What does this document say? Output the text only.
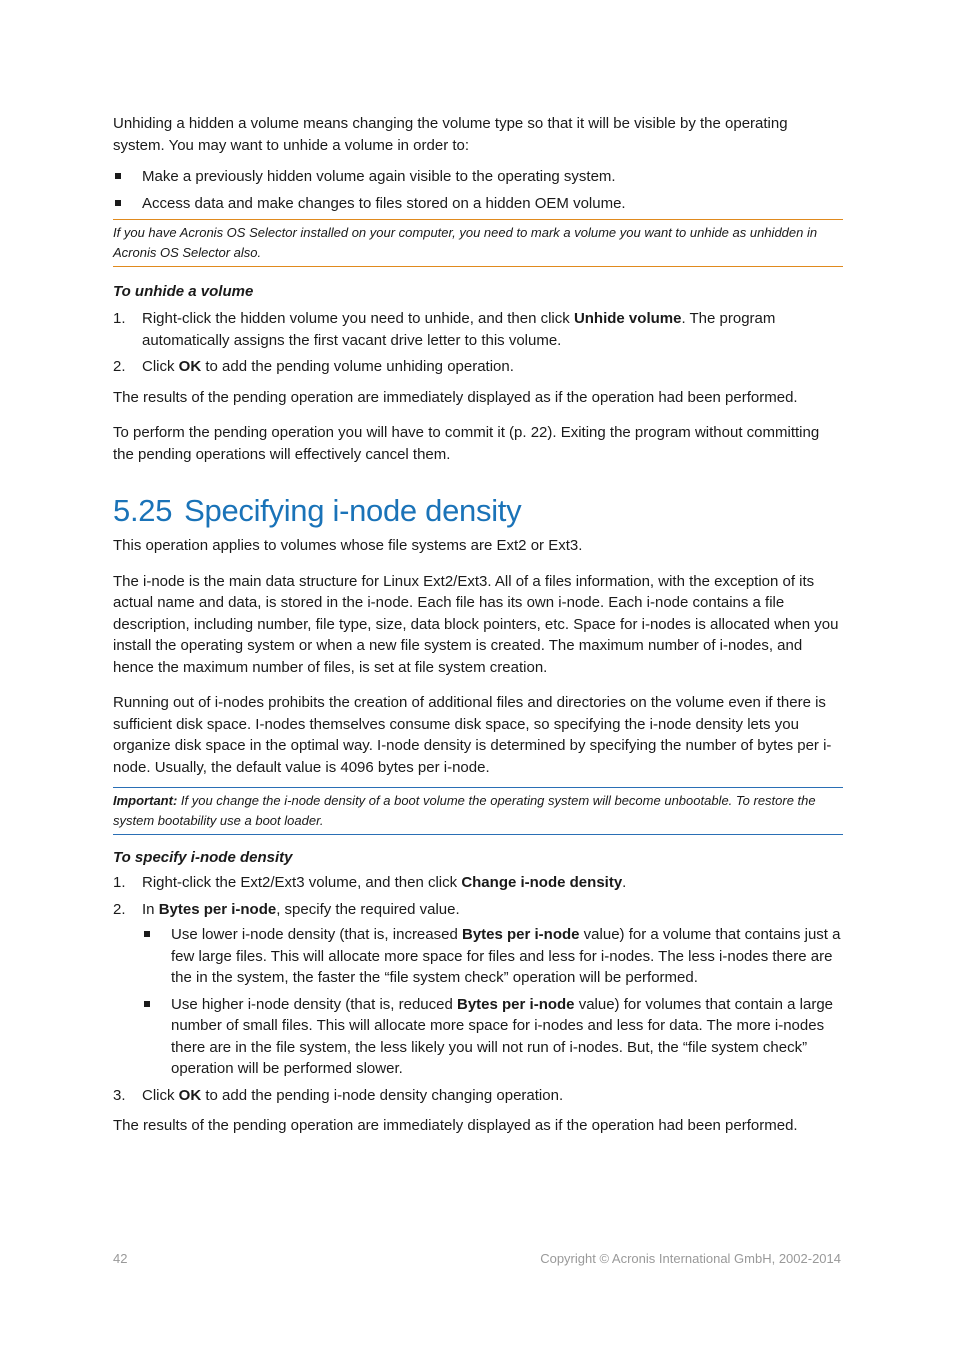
Unhiding a hidden a volume means changing the volume type so that it will be visible by the operating system. You may want to unhide a volume in order to:

Make a previously hidden volume again visible to the operating system.
Access data and make changes to files stored on a hidden OEM volume.
If you have Acronis OS Selector installed on your computer, you need to mark a volume you want to unhide as unhidden in Acronis OS Selector also.
To unhide a volume
1. Right-click the hidden volume you need to unhide, and then click Unhide volume. The program automatically assigns the first vacant drive letter to this volume.
2. Click OK to add the pending volume unhiding operation.

The results of the pending operation are immediately displayed as if the operation had been performed.

To perform the pending operation you will have to commit it (p. 22). Exiting the program without committing the pending operations will effectively cancel them.

5.25 Specifying i-node density

This operation applies to volumes whose file systems are Ext2 or Ext3.

The i-node is the main data structure for Linux Ext2/Ext3. All of a files information, with the exception of its actual name and data, is stored in the i-node. Each file has its own i-node. Each i-node contains a file description, including number, file type, size, data block pointers, etc. Space for i-nodes is allocated when you install the operating system or when a new file system is created. The maximum number of i-nodes, and hence the maximum number of files, is set at file system creation.

Running out of i-nodes prohibits the creation of additional files and directories on the volume even if there is sufficient disk space. I-nodes themselves consume disk space, so specifying the i-node density lets you organize disk space in the optimal way. I-node density is determined by specifying the number of bytes per i-node. Usually, the default value is 4096 bytes per i-node.

Important: If you change the i-node density of a boot volume the operating system will become unbootable. To restore the system bootability use a boot loader.
To specify i-node density
1. Right-click the Ext2/Ext3 volume, and then click Change i-node density.
2. In Bytes per i-node, specify the required value.
Use lower i-node density (that is, increased Bytes per i-node value) for a volume that contains just a few large files. This will allocate more space for files and less for i-nodes. The less i-nodes there are the in the system, the faster the “file system check” operation will be performed.
Use higher i-node density (that is, reduced Bytes per i-node value) for volumes that contain a large number of small files. This will allocate more space for i-nodes and less for data. The more i-nodes there are in the file system, the less likely you will not run of i-nodes. But, the “file system check” operation will be performed slower.
3. Click OK to add the pending i-node density changing operation.

The results of the pending operation are immediately displayed as if the operation had been performed.

42	Copyright © Acronis International GmbH, 2002-2014
